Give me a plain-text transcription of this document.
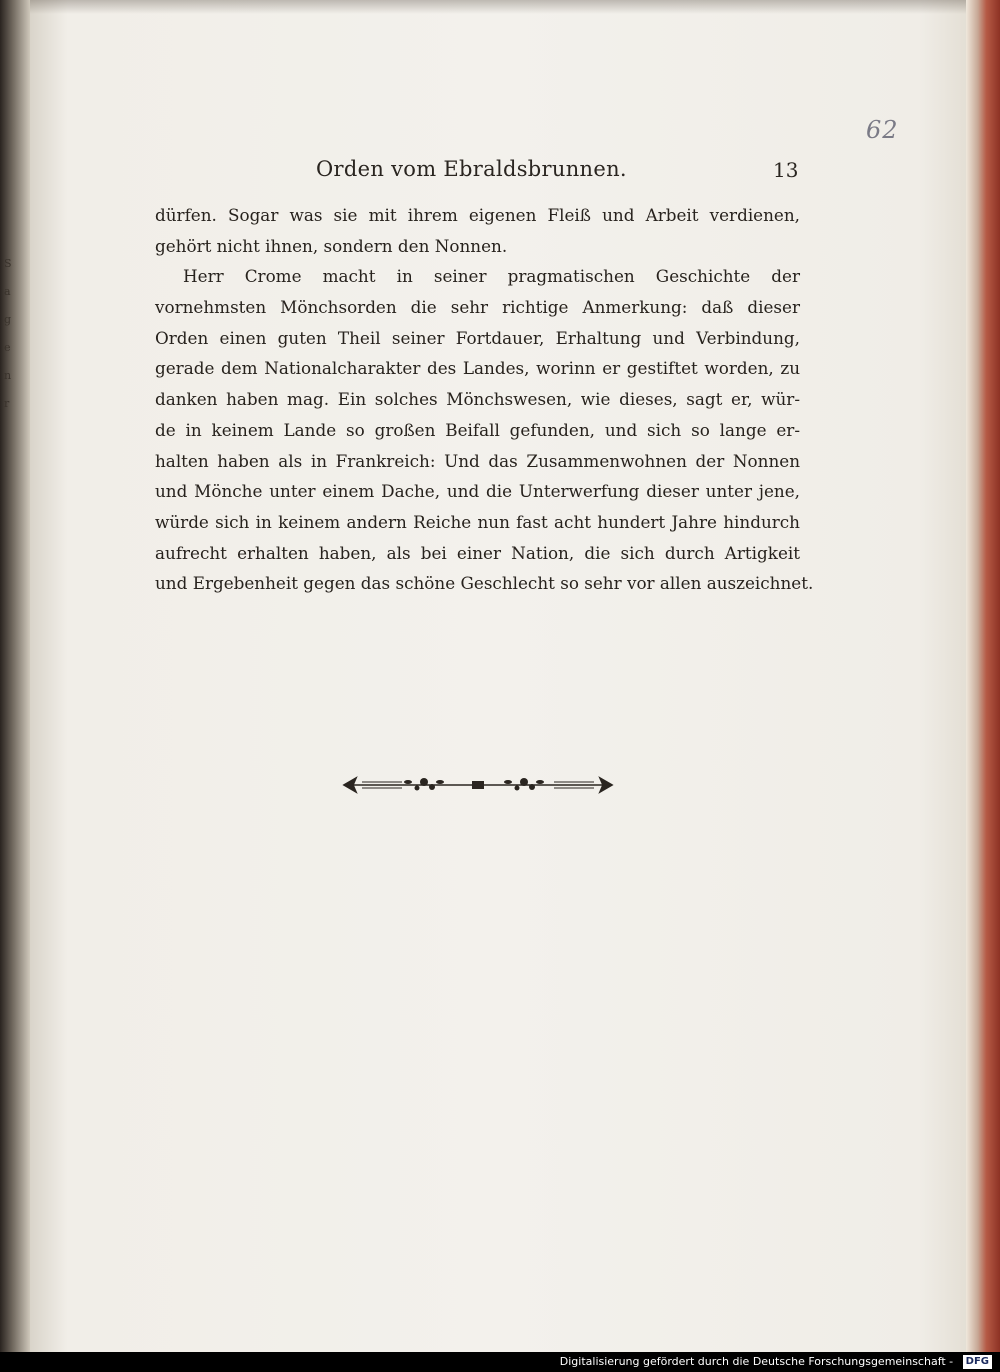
S a g e n r
62
Orden vom Ebraldsbrunnen.	13
dürfen. Sogar was sie mit ihrem eigenen Fleiß und Arbeit verdienen,
gehört nicht ihnen, sondern den Nonnen.
Herr Crome macht in seiner pragmatischen Geschichte der
vornehmsten Mönchsorden die sehr richtige Anmerkung: daß dieser
Orden einen guten Theil seiner Fortdauer, Erhaltung und Verbindung,
gerade dem Nationalcharakter des Landes, worinn er gestiftet worden, zu
danken haben mag. Ein solches Mönchswesen, wie dieses, sagt er, wür-
de in keinem Lande so großen Beifall gefunden, und sich so lange er-
halten haben als in Frankreich: Und das Zusammenwohnen der Nonnen
und Mönche unter einem Dache, und die Unterwerfung dieser unter jene,
würde sich in keinem andern Reiche nun fast acht hundert Jahre hindurch
aufrecht erhalten haben, als bei einer Nation, die sich durch Artigkeit
und Ergebenheit gegen das schöne Geschlecht so sehr vor allen auszeichnet.
Digitalisierung gefördert durch die Deutsche Forschungsgemeinschaft - DFG
